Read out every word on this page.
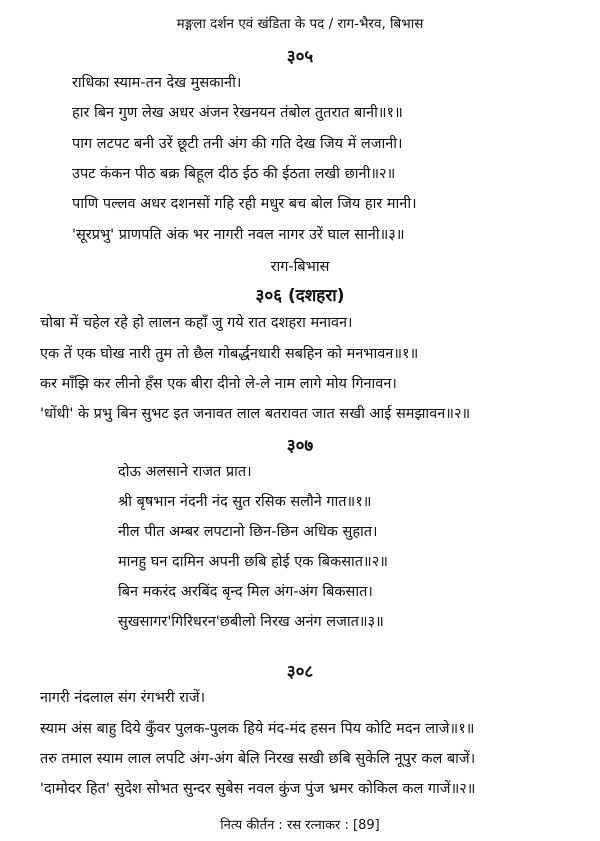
मङ्गला दर्शन एवं खंडिता के पद / राग-भैरव, बिभास
३०५
राधिका स्याम-तन देख मुसकानी।
हार बिन गुण लेख अधर अंजन रेखनयन तंबोल तुतरात बानी॥१॥
पाग लटपट बनी उरें छूटी तनी अंग की गति देख जिय में लजानी।
उपट कंकन पीठ बक्र बिहूल दीठ ईठ की ईठता लखी छानी॥२॥
पाणि पल्लव अधर दशनसों गहि रही मधुर बच बोल जिय हार मानी।
'सूरप्रभु' प्राणपति अंक भर नागरी नवल नागर उरें घाल सानी॥३॥
राग-बिभास
३०६ (दशहरा)
चोबा में चहेल रहे हो लालन कहाँ जु गये रात दशहरा मनावन।
एक तें एक घोख नारी तुम तो छैल गोबर्द्धनधारी सबहिन को मनभावन॥१॥
कर माँझि कर लीनो हँस एक बीरा दीनो ले-ले नाम लागे मोय गिनावन।
'धोंधी' के प्रभु बिन सुभट इत जनावत लाल बतरावत जात सखी आई समझावन॥२॥
३०७
दोऊ अलसाने राजत प्रात।
श्री बृषभान नंदनी नंद सुत रसिक सलौने गात॥१॥
नील पीत अम्बर लपटानो छिन-छिन अधिक सुहात।
मानहु घन दामिन अपनी छबि होई एक बिकसात॥२॥
बिन मकरंद अरबिंद बृन्द मिल अंग-अंग बिकसात।
सुखसागर'गिरिधरन'छबीलो निरख अनंग लजात॥३॥
३०८
नागरी नंदलाल संग रंगभरी राजें।
स्याम अंस बाहु दिये कुँवर पुलक-पुलक हिये मंद-मंद हसन पिय कोटि मदन लाजे॥१॥
तरु तमाल स्याम लाल लपटि अंग-अंग बेलि निरख सखी छबि सुकेलि नूपुर कल बाजें।
'दामोदर हित' सुदेश सोभत सुन्दर सुबेस नवल कुंज पुंज भ्रमर कोकिल कल गाजें॥२॥
नित्य कीर्तन : रस रत्नाकर : [89]
